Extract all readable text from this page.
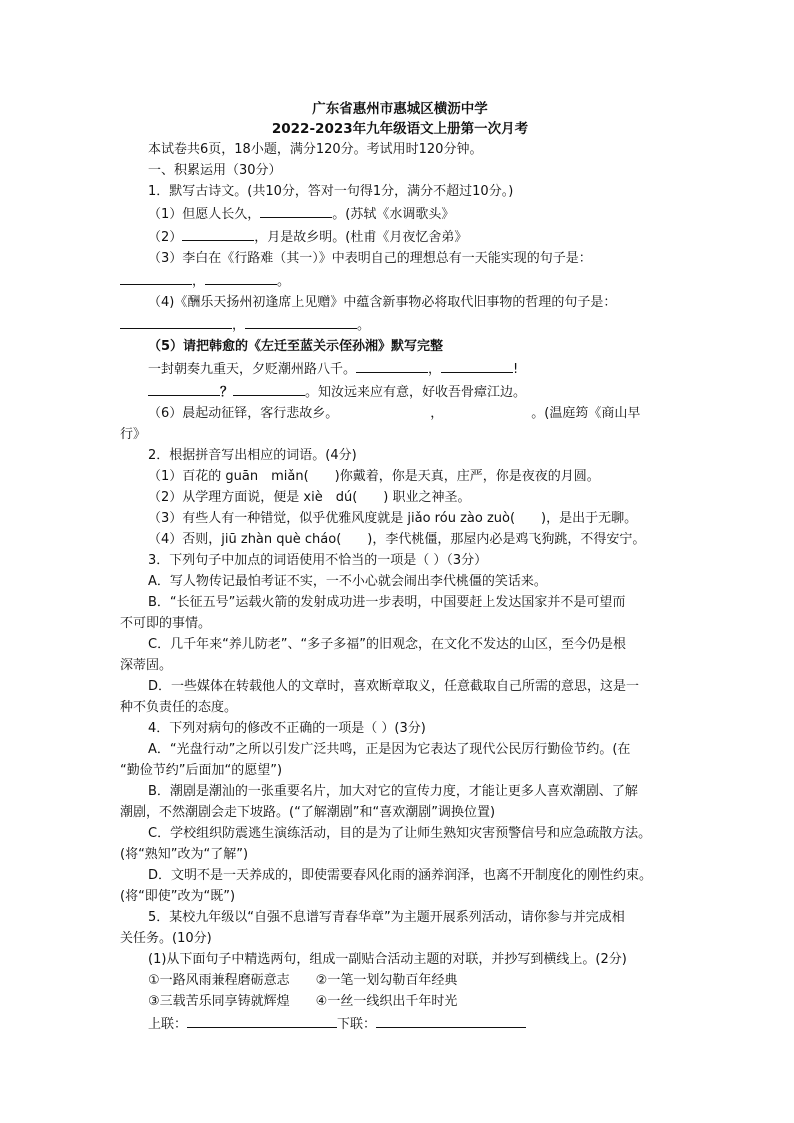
广东省惠州市惠城区横沥中学

2022-2023年九年级语文上册第一次月考

本试卷共6页，18小题，满分120分。考试用时120分钟。

一、积累运用（30分）

1．默写古诗文。(共10分，答对一句得1分，满分不超过10分。)

（1）但愿人长久，	。(苏轼《水调歌头》

（2）	，月是故乡明。(杜甫《月夜忆舍弟》

（3）李白在《行路难（其一）》中表明自己的理想总有一天能实现的句子是：

，	。

（4)《酬乐天扬州初逢席上见赠》中蕴含新事物必将取代旧事物的哲理的句子是：

，	。

（5）请把韩愈的《左迁至蓝关示侄孙湘》默写完整

一封朝奏九重天，夕贬潮州路八千。	，	!

？	。知汝远来应有意，好收吾骨瘴江边。

（6）晨起动征铎，客行悲故乡。	，	。(温庭筠《商山早

行》

2．根据拼音写出相应的词语。(4分)

（1）百花的 guān　miǎn(　　)你戴着，你是天真，庄严，你是夜夜的月圆。

（2）从学理方面说，便是 xiè　dú(　　) 职业之神圣。

（3）有些人有一种错觉，似乎优雅风度就是 jiǎo róu zào zuò(　　)，是出于无聊。

（4）否则，jiū zhàn què cháo(　　)，李代桃僵，那屋内必是鸡飞狗跳，不得安宁。

3．下列句子中加点的词语使用不恰当的一项是（ ）（3分）

A．写人物传记最怕考证不实，一不小心就会闹出李代桃僵的笑话来。

B．“长征五号”运载火箭的发射成功进一步表明，中国要赶上发达国家并不是可望而

不可即的事情。

C．几千年来“养儿防老”、“多子多福”的旧观念，在文化不发达的山区，至今仍是根

深蒂固。

D．一些媒体在转载他人的文章时，喜欢断章取义，任意截取自己所需的意思，这是一

种不负责任的态度。

4．下列对病句的修改不正确的一项是（ ）(3分)

A．“光盘行动”之所以引发广泛共鸣，正是因为它表达了现代公民厉行勤俭节约。(在

“勤俭节约”后面加“的愿望”)

B．潮剧是潮汕的一张重要名片，加大对它的宣传力度，才能让更多人喜欢潮剧、了解

潮剧，不然潮剧会走下坡路。(“了解潮剧”和“喜欢潮剧”调换位置)

C．学校组织防震逃生演练活动，目的是为了让师生熟知灾害预警信号和应急疏散方法。

(将“熟知”改为“了解”)

D．文明不是一天养成的，即使需要春风化雨的涵养润泽，也离不开制度化的刚性约束。

(将“即使”改为“既”)

5．某校九年级以“自强不息谱写青春华章”为主题开展系列活动，请你参与并完成相

关任务。(10分)

(1)从下面句子中精选两句，组成一副贴合活动主题的对联，并抄写到横线上。(2分)

①一路风雨兼程磨砺意志　　 ②一笔一划勾勒百年经典

③三载苦乐同享铸就辉煌　　 ④一丝一线织出千年时光

上联：	下联：
